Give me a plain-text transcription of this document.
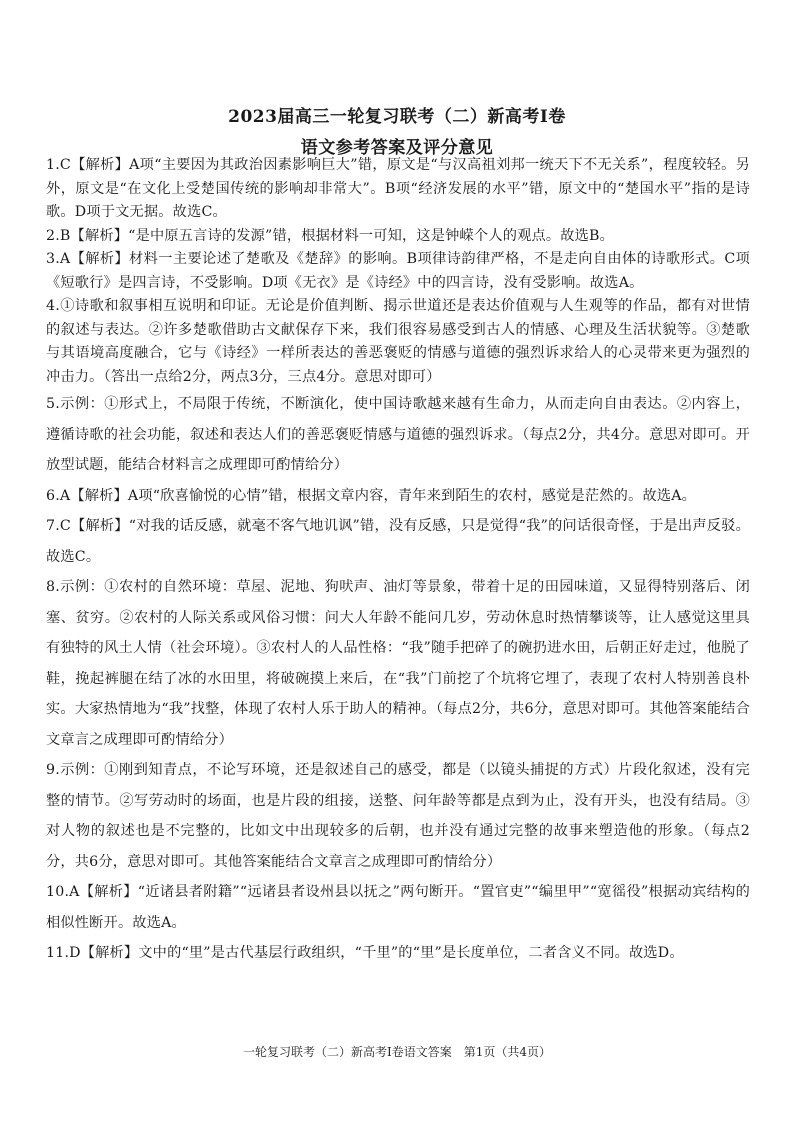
2023届高三一轮复习联考（二）新高考Ⅰ卷
语文参考答案及评分意见
1.C【解析】A项“主要因为其政治因素影响巨大”错，原文是“与汉高祖刘邦一统天下不无关系”，程度较轻。另外，原文是“在文化上受楚国传统的影响却非常大”。B项“经济发展的水平”错，原文中的“楚国水平”指的是诗歌。D项于文无据。故选C。
2.B【解析】“是中原五言诗的发源”错，根据材料一可知，这是钟嵘个人的观点。故选B。
3.A【解析】材料一主要论述了楚歌及《楚辞》的影响。B项律诗韵律严格，不是走向自由体的诗歌形式。C项《短歌行》是四言诗，不受影响。D项《无衣》是《诗经》中的四言诗，没有受影响。故选A。
4.①诗歌和叙事相互说明和印证。无论是价值判断、揭示世道还是表达价值观与人生观等的作品，都有对世情的叙述与表达。②许多楚歌借助古文献保存下来，我们很容易感受到古人的情感、心理及生活状貌等。③楚歌与其语境高度融合，它与《诗经》一样所表达的善恶褒贬的情感与道德的强烈诉求给人的心灵带来更为强烈的冲击力。（答出一点给2分，两点3分，三点4分。意思对即可）
5.示例：①形式上，不局限于传统，不断演化，使中国诗歌越来越有生命力，从而走向自由表达。②内容上，遵循诗歌的社会功能，叙述和表达人们的善恶褒贬情感与道德的强烈诉求。（每点2分，共4分。意思对即可。开放型试题，能结合材料言之成理即可酌情给分）
6.A【解析】A项“欣喜愉悦的心情”错，根据文章内容，青年来到陌生的农村，感觉是茫然的。故选A。
7.C【解析】“对我的话反感，就毫不客气地讥讽”错，没有反感，只是觉得“我”的问话很奇怪，于是出声反驳。故选C。
8.示例：①农村的自然环境：草屋、泥地、狗吠声、油灯等景象，带着十足的田园味道，又显得特别落后、闭塞、贫穷。②农村的人际关系或风俗习惯：问大人年龄不能问几岁，劳动休息时热情攀谈等，让人感觉这里具有独特的风土人情（社会环境）。③农村人的人品性格：“我”随手把碎了的碗扔进水田，后朝正好走过，他脱了鞋，挽起裤腿在结了冰的水田里，将破碗摸上来后，在“我”门前挖了个坑将它埋了，表现了农村人特别善良朴实。大家热情地为“我”找整，体现了农村人乐于助人的精神。（每点2分，共6分，意思对即可。其他答案能结合文章言之成理即可酌情给分）
9.示例：①刚到知青点，不论写环境，还是叙述自己的感受，都是（以镜头捕捉的方式）片段化叙述，没有完整的情节。②写劳动时的场面，也是片段的组接，送整、问年龄等都是点到为止，没有开头，也没有结局。③对人物的叙述也是不完整的，比如文中出现较多的后朝，也并没有通过完整的故事来塑造他的形象。（每点2分，共6分，意思对即可。其他答案能结合文章言之成理即可酌情给分）
10.A【解析】“近诸县者附籍”“远诸县者设州县以抚之”两句断开。“置官吏”“编里甲”“宽徭役”根据动宾结构的相似性断开。故选A。
11.D【解析】文中的“里”是古代基层行政组织，“千里”的“里”是长度单位，二者含义不同。故选D。
一轮复习联考（二）新高考Ⅰ卷语文答案　第1页（共4页）
